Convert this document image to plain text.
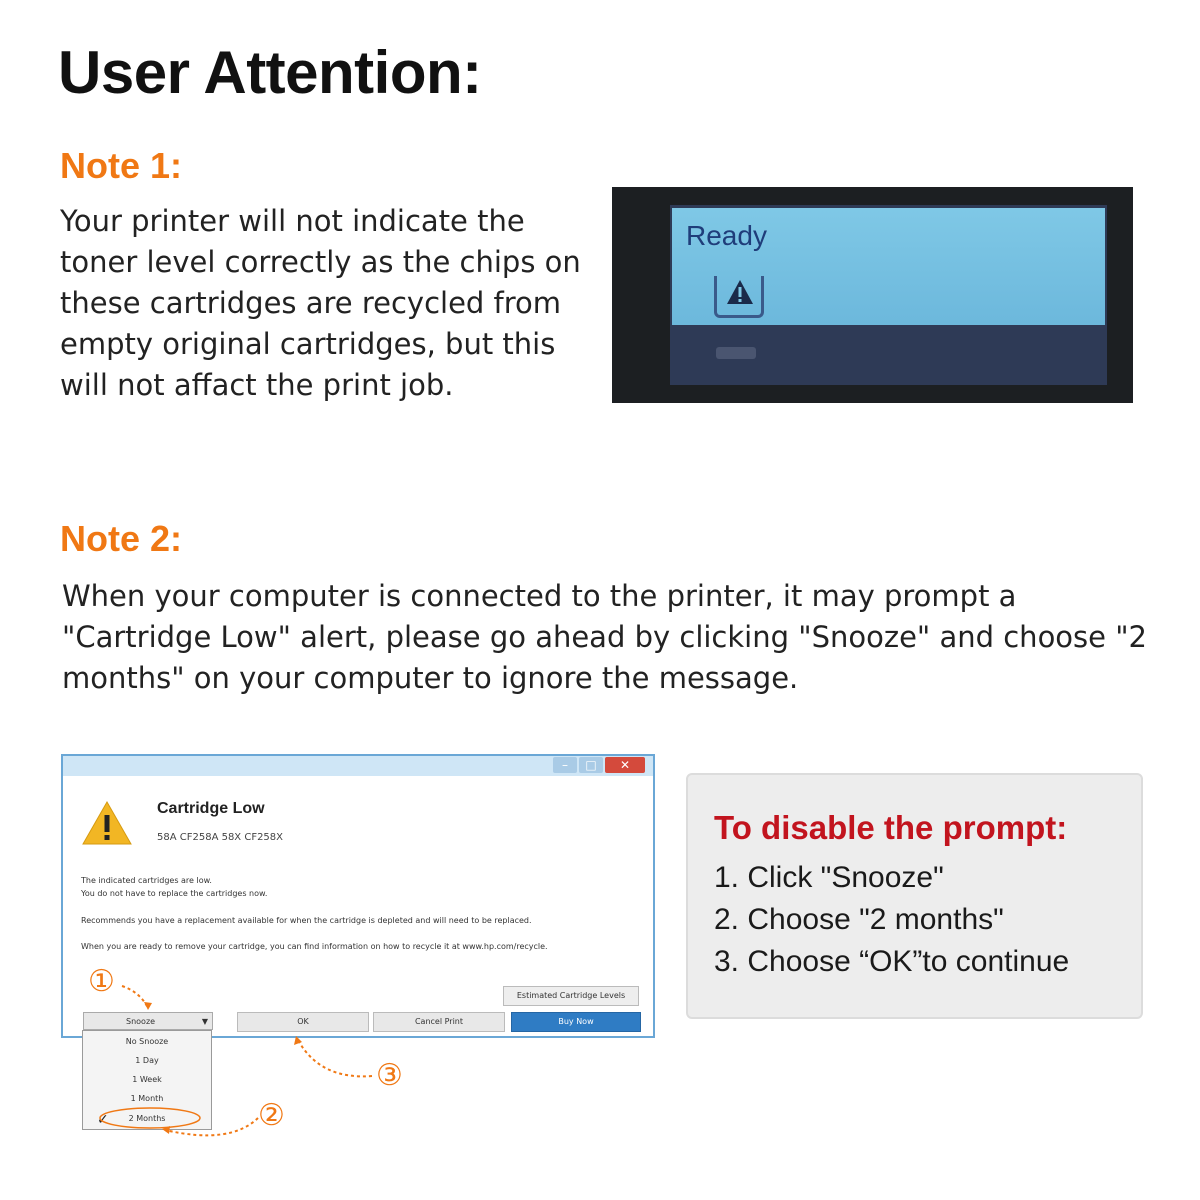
User Attention:
Note 1:
Your printer will not indicate the toner level correctly as the chips on these cartridges are recycled from empty original cartridges, but this will not affact the print job.
Ready
Note 2:
When your computer is connected to the printer, it may prompt a "Cartridge Low" alert, please go ahead by clicking "Snooze" and choose "2 months" on your computer to ignore the message.
–	□	✕
Cartridge Low
58A CF258A 58X CF258X
The indicated cartridges are low.
You do not have to replace the cartridges now.
Recommends you have a replacement available for when the cartridge is depleted and will need to be replaced.
When you are ready to remove your cartridge, you can find information on how to recycle it at www.hp.com/recycle.
Estimated Cartridge Levels
Snooze	▼	OK	Cancel Print	Buy Now
No Snooze
1 Day
1 Week
1 Month
2 Months
✓
①
②
③
To disable the prompt:
1. Click "Snooze"
2. Choose "2 months"
3. Choose “OK”to continue
